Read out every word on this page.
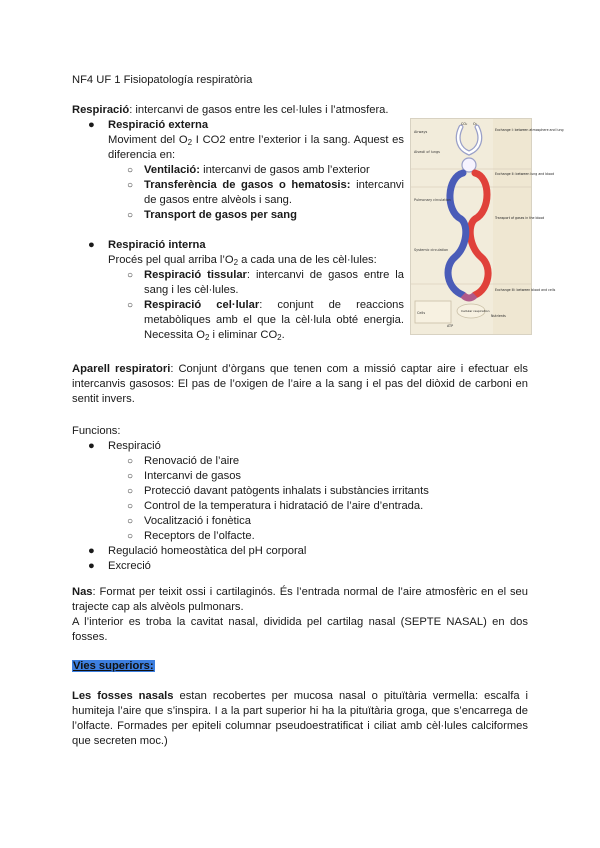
NF4 UF 1 Fisiopatología respiratòria
Respiració: intercanvi de gasos entre les cel·lules i l’atmosfera.
● Respiració externa
Moviment del $O_2$ I CO2 entre l’exterior i la sang. Aquest es diferencia en:
○ Ventilació: intercanvi de gasos amb l’exterior
○ Transferència de gasos o hematosis: intercanvi de gasos entre alvèols i sang.
○ Transport de gasos per sang
● Respiració interna
Procés pel qual arriba $l’O_2$ a cada una de les cèl·lules:
○ Respiració tissular: intercanvi de gasos entre la sang i les cèl·lules.
○ Respiració cel·lular: conjunt de reaccions metabòliques amb el que la cèl·lula obté energia. Necessita $O_2$ i eliminar $CO_2$.
Aparell respiratori: Conjunt d’òrgans que tenen com a missió captar aire i efectuar els intercanvis gasosos: El pas de l’oxigen de l’aire a la sang i el pas del diòxid de carboni en sentit invers.
Funcions:
● Respiració
○ Renovació de l’aire
○ Intercanvi de gasos
○ Protecció davant patògents inhalats i substàncies irritants
○ Control de la temperatura i hidratació de l’aire d’entrada.
○ Vocalització i fonètica
○ Receptors de l’olfacte.
● Regulació homeostàtica del pH corporal
● Excreció
Nas: Format per teixit ossi i cartilaginós. És l’entrada normal de l’aire atmosfèric en el seu trajecte cap als alvèols pulmonars.
A l’interior es troba la cavitat nasal, dividida pel cartilag nasal (SEPTE NASAL) en dos fosses.
Vies superiors:
Les fosses nasals estan recobertes per mucosa nasal o pituïtària vermella: escalfa i humiteja l’aire que s’inspira. I a la part superior hi ha la pituïtària groga, que s’encarrega de l’olfacte. Formades per epiteli columnar pseudoestratificat i ciliat amb cèl·lules calciformes que secreten moc.)
Airways
Alveoli of lungs
Pulmonary circulation
Systemic circulation
Cells
ATP
Exchange I: between atmosphere and lung
Exchange II: between lung and blood
Transport of gases in the blood
Exchange III: between blood and cells
CO₂ O₂
Cellular respiration
Nutrients
